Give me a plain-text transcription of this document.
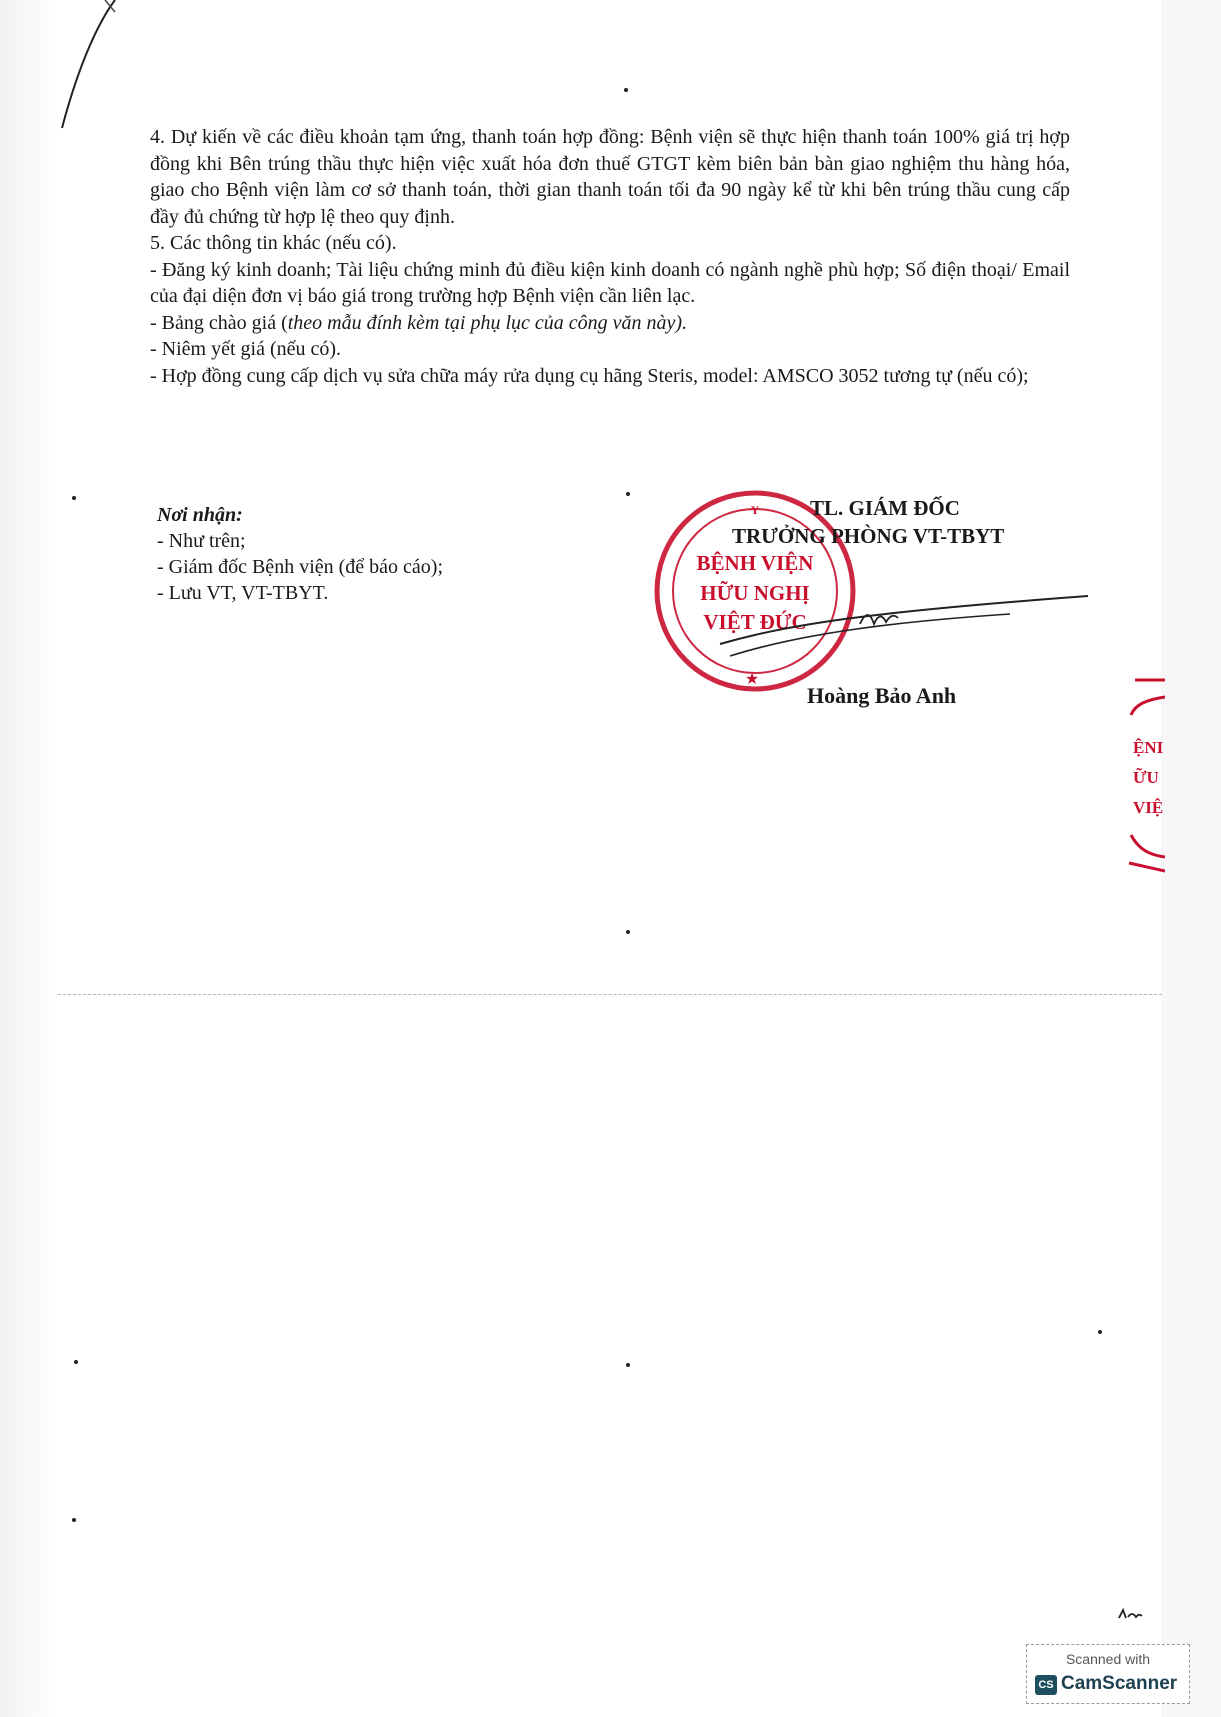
4. Dự kiến về các điều khoản tạm ứng, thanh toán hợp đồng: Bệnh viện sẽ thực hiện thanh toán 100% giá trị hợp đồng khi Bên trúng thầu thực hiện việc xuất hóa đơn thuế GTGT kèm biên bản bàn giao nghiệm thu hàng hóa, giao cho Bệnh viện làm cơ sở thanh toán, thời gian thanh toán tối đa 90 ngày kể từ khi bên trúng thầu cung cấp đầy đủ chứng từ hợp lệ theo quy định.

5. Các thông tin khác (nếu có).

- Đăng ký kinh doanh; Tài liệu chứng minh đủ điều kiện kinh doanh có ngành nghề phù hợp; Số điện thoại/ Email của đại diện đơn vị báo giá trong trường hợp Bệnh viện cần liên lạc.

- Bảng chào giá (theo mẫu đính kèm tại phụ lục của công văn này).

- Niêm yết giá (nếu có).

- Hợp đồng cung cấp dịch vụ sửa chữa máy rửa dụng cụ hãng Steris, model: AMSCO 3052 tương tự (nếu có);

Nơi nhận:
- Như trên;
- Giám đốc Bệnh viện (để báo cáo);
- Lưu VT, VT-TBYT.
BỆNH VIỆN
HỮU NGHỊ
VIỆT ĐỨC
Y
★
TL. GIÁM ĐỐC
TRƯỞNG PHÒNG VT-TBYT
Hoàng Bảo Anh
ỆNI
ỮU
VIỆ
Scanned with
CS CamScanner
